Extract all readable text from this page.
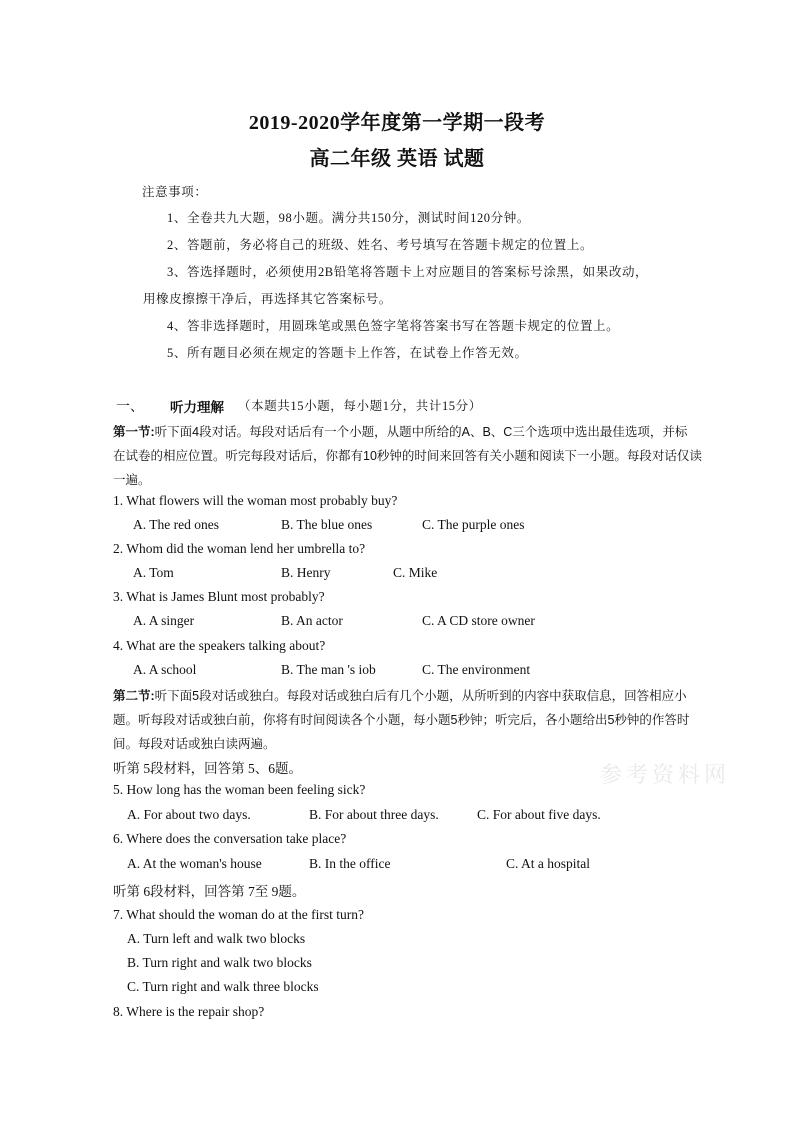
2019-2020学年度第一学期一段考
高二年级 英语 试题
注意事项：
1、全卷共九大题，98小题。满分共150分，测试时间120分钟。
2、答题前，务必将自己的班级、姓名、考号填写在答题卡规定的位置上。
3、答选择题时，必须使用2B铅笔将答题卡上对应题目的答案标号涂黑，如果改动，
用橡皮擦擦干净后，再选择其它答案标号。
4、答非选择题时，用圆珠笔或黑色签字笔将答案书写在答题卡规定的位置上。
5、所有题目必须在规定的答题卡上作答，在试卷上作答无效。
一、 听力理解 （本题共15小题，每小题1分，共计15分）
第一节:听下面4段对话。每段对话后有一个小题，从题中所给的A、B、C三个选项中选出最佳选项，并标
在试卷的相应位置。听完每段对话后，你都有10秒钟的时间来回答有关小题和阅读下一小题。每段对话仅读
一遍。
1. What flowers will the woman most probably buy?
A. The red ones	B. The blue ones	C. The purple ones
2. Whom did the woman lend her umbrella to?
A. Tom	B. Henry	C. Mike
3. What is James Blunt most probably?
A. A singer	B. An actor	C. A CD store owner
4. What are the speakers talking about?
A. A school	B. The man 's iob	C. The environment
第二节:听下面5段对话或独白。每段对话或独白后有几个小题，从所听到的内容中获取信息，回答相应小
题。听每段对话或独白前，你将有时间阅读各个小题，每小题5秒钟；听完后，各小题给出5秒钟的作答时
间。每段对话或独白读两遍。
听第 5段材料，回答第 5、6题。	参考资料网
5. How long has the woman been feeling sick?
A. For about two days.	B. For about three days.	C. For about five days.
6. Where does the conversation take place?
A. At the woman's house	B. In the office	C. At a hospital
听第 6段材料，回答第 7至 9题。
7. What should the woman do at the first turn?
A. Turn left and walk two blocks
B. Turn right and walk two blocks
C. Turn right and walk three blocks
8. Where is the repair shop?
